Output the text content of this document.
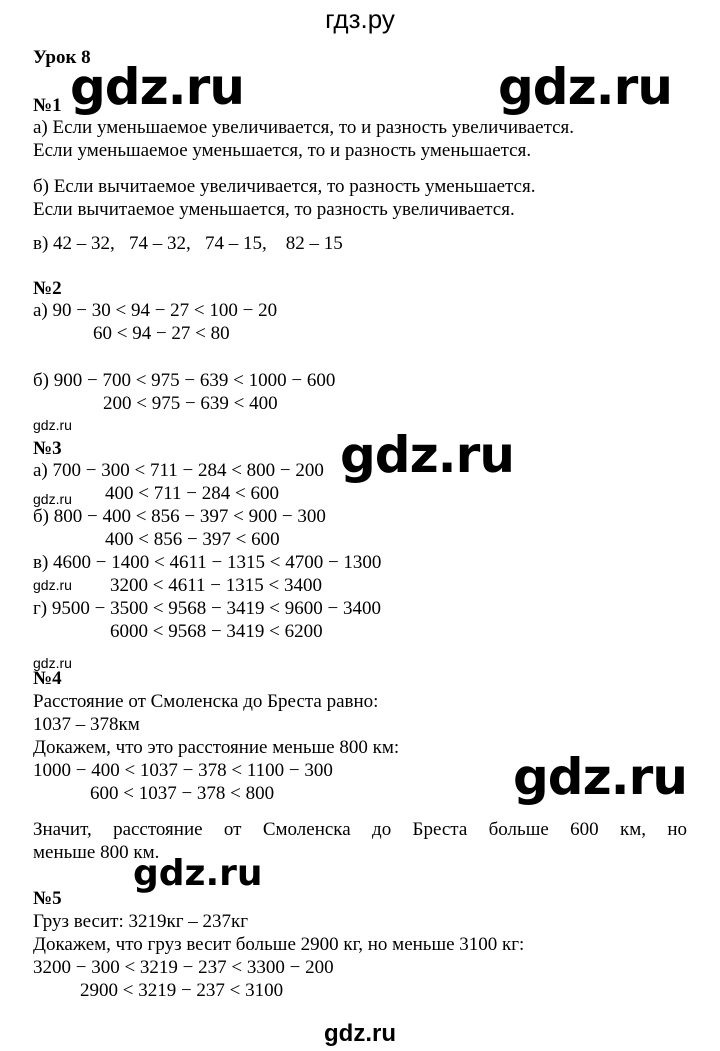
гдз.ру
gdz.ru	gdz.ru
gdz.ru
gdz.ru
gdz.ru
gdz.ru
gdz.ru
gdz.ru
gdz.ru
Урок 8
№1
а) Если уменьшаемое увеличивается, то и разность увеличивается.
Если уменьшаемое уменьшается, то и разность уменьшается.
б) Если вычитаемое увеличивается, то разность уменьшается.
Если вычитаемое уменьшается, то разность увеличивается.
в) 42 – 32,   74 – 32,   74 – 15,    82 – 15
№2
а) 90 − 30 < 94 − 27 < 100 − 20
60 < 94 − 27 < 80
б) 900 − 700 < 975 − 639 < 1000 − 600
200 < 975 − 639 < 400
№3
а) 700 − 300 < 711 − 284 < 800 − 200
400 < 711 − 284 < 600
б) 800 − 400 < 856 − 397 < 900 − 300
400 < 856 − 397 < 600
в) 4600 − 1400 < 4611 − 1315 < 4700 − 1300
3200 < 4611 − 1315 < 3400
г) 9500 − 3500 < 9568 − 3419 < 9600 − 3400
6000 < 9568 − 3419 < 6200
№4
Расстояние от Смоленска до Бреста равно:
1037 – 378км
Докажем, что это расстояние меньше 800 км:
1000 − 400 < 1037 − 378 < 1100 − 300
600 < 1037 − 378 < 800
Значит, расстояние от Смоленска до Бреста больше 600 км, но
меньше 800 км.
№5
Груз весит: 3219кг – 237кг
Докажем, что груз весит больше 2900 кг, но меньше 3100 кг:
3200 − 300 < 3219 − 237 < 3300 − 200
2900 < 3219 − 237 < 3100
gdz.ru
